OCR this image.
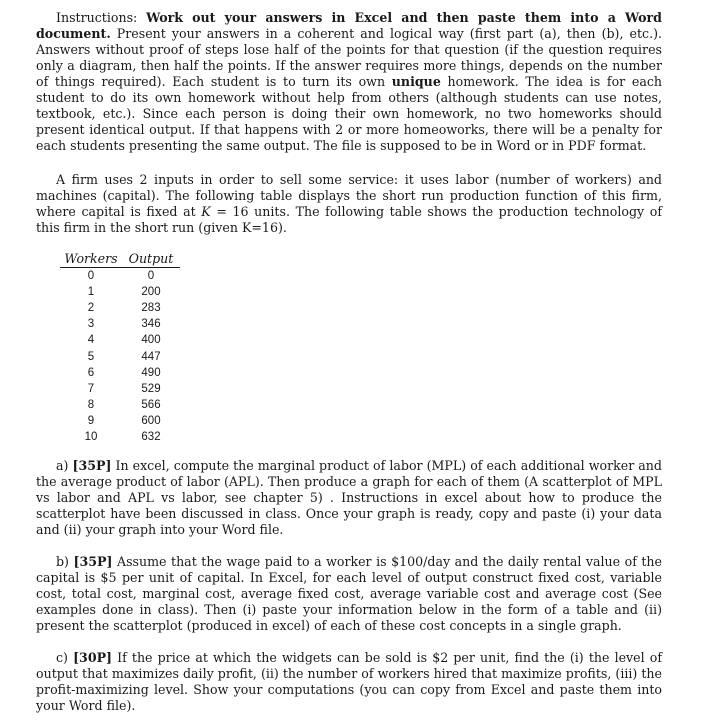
Instructions: Work out your answers in Excel and then paste them into a Word document. Present your answers in a coherent and logical way (first part (a), then (b), etc.). Answers without proof of steps lose half of the points for that question (if the question requires only a diagram, then half the points. If the answer requires more things, depends on the number of things required). Each student is to turn its own unique homework. The idea is for each student to do its own homework without help from others (although students can use notes, textbook, etc.). Since each person is doing their own homework, no two homeworks should present identical output. If that happens with 2 or more homeoworks, there will be a penalty for each students presenting the same output. The file is supposed to be in Word or in PDF format.

A firm uses 2 inputs in order to sell some service: it uses labor (number of workers) and machines (capital). The following table displays the short run production function of this firm, where capital is fixed at K = 16 units. The following table shows the production technology of this firm in the short run (given K=16).

Workers	Output
0	0
1	200
2	283
3	346
4	400
5	447
6	490
7	529
8	566
9	600
10	632

a) [35P] In excel, compute the marginal product of labor (MPL) of each additional worker and the average product of labor (APL). Then produce a graph for each of them (A scatterplot of MPL vs labor and APL vs labor, see chapter 5) . Instructions in excel about how to produce the scatterplot have been discussed in class. Once your graph is ready, copy and paste (i) your data and (ii) your graph into your Word file.

b) [35P] Assume that the wage paid to a worker is $100/day and the daily rental value of the capital is $5 per unit of capital. In Excel, for each level of output construct fixed cost, variable cost, total cost, marginal cost, average fixed cost, average variable cost and average cost (See examples done in class). Then (i) paste your information below in the form of a table and (ii) present the scatterplot (produced in excel) of each of these cost concepts in a single graph.

c) [30P] If the price at which the widgets can be sold is $2 per unit, find the (i) the level of output that maximizes daily profit, (ii) the number of workers hired that maximize profits, (iii) the profit-maximizing level. Show your computations (you can copy from Excel and paste them into your Word file).
